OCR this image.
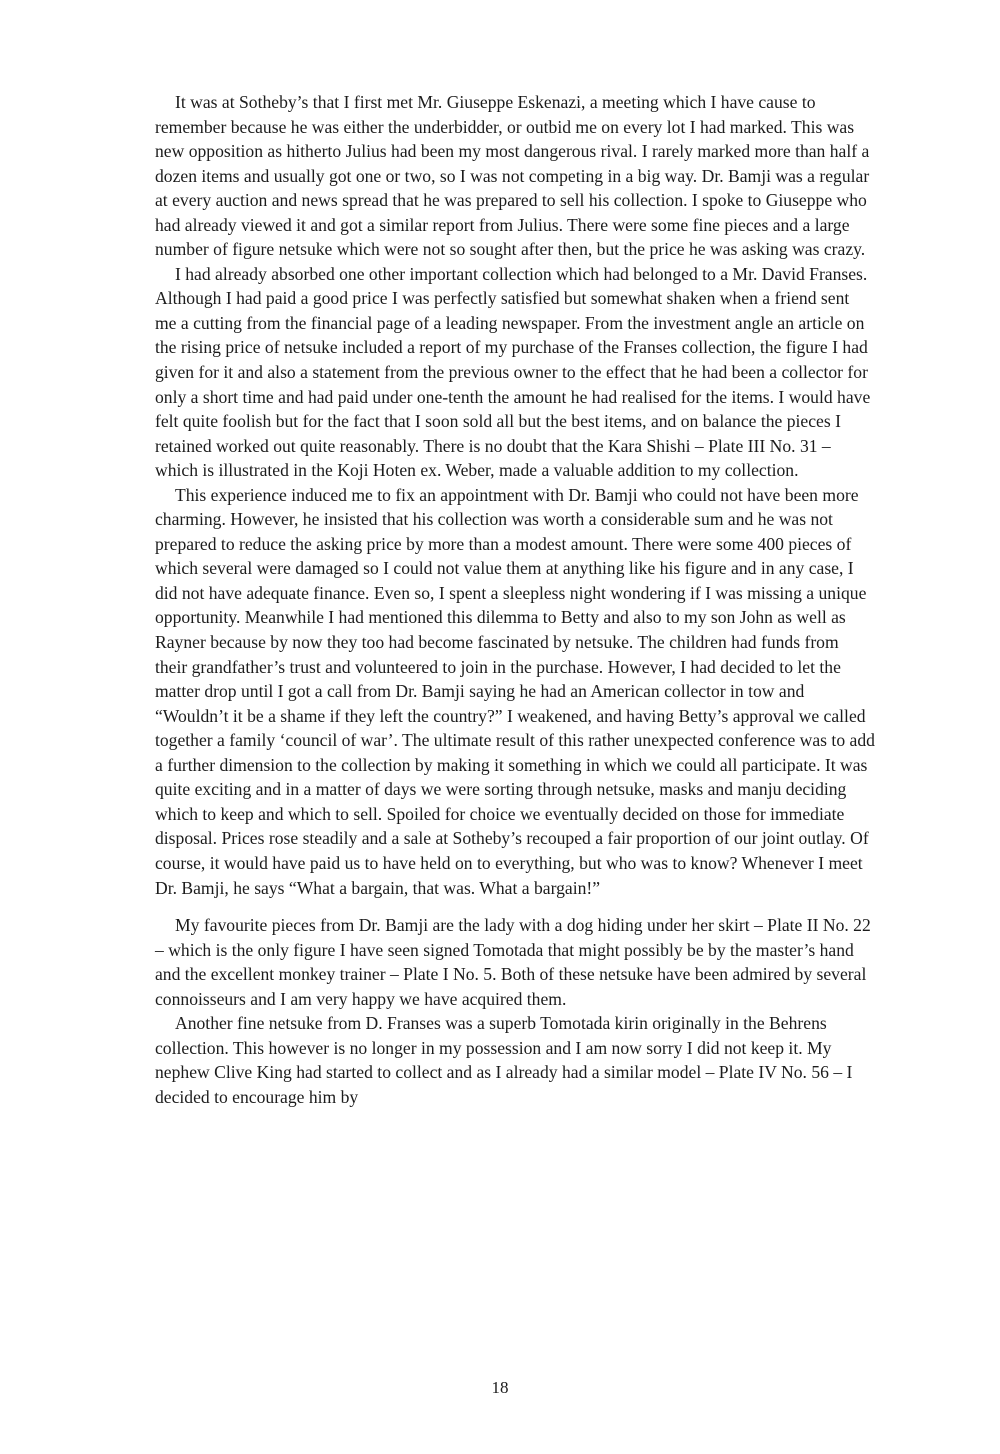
It was at Sotheby’s that I first met Mr. Giuseppe Eskenazi, a meeting which I have cause to remember because he was either the underbidder, or outbid me on every lot I had marked. This was new opposition as hitherto Julius had been my most dangerous rival. I rarely marked more than half a dozen items and usually got one or two, so I was not competing in a big way. Dr. Bamji was a regular at every auction and news spread that he was prepared to sell his collection. I spoke to Giuseppe who had already viewed it and got a similar report from Julius. There were some fine pieces and a large number of figure netsuke which were not so sought after then, but the price he was asking was crazy.

I had already absorbed one other important collection which had belonged to a Mr. David Franses. Although I had paid a good price I was perfectly satisfied but somewhat shaken when a friend sent me a cutting from the financial page of a leading newspaper. From the investment angle an article on the rising price of netsuke included a report of my purchase of the Franses collection, the figure I had given for it and also a statement from the previous owner to the effect that he had been a collector for only a short time and had paid under one-tenth the amount he had realised for the items. I would have felt quite foolish but for the fact that I soon sold all but the best items, and on balance the pieces I retained worked out quite reasonably. There is no doubt that the Kara Shishi – Plate III No. 31 – which is illustrated in the Koji Hoten ex. Weber, made a valuable addition to my collection.

This experience induced me to fix an appointment with Dr. Bamji who could not have been more charming. However, he insisted that his collection was worth a considerable sum and he was not prepared to reduce the asking price by more than a modest amount. There were some 400 pieces of which several were damaged so I could not value them at anything like his figure and in any case, I did not have adequate finance. Even so, I spent a sleepless night wondering if I was missing a unique opportunity. Meanwhile I had mentioned this dilemma to Betty and also to my son John as well as Rayner because by now they too had become fascinated by netsuke. The children had funds from their grandfather’s trust and volunteered to join in the purchase. However, I had decided to let the matter drop until I got a call from Dr. Bamji saying he had an American collector in tow and “Wouldn’t it be a shame if they left the country?” I weakened, and having Betty’s approval we called together a family ‘council of war’. The ultimate result of this rather unexpected conference was to add a further dimension to the collection by making it something in which we could all participate. It was quite exciting and in a matter of days we were sorting through netsuke, masks and manju deciding which to keep and which to sell. Spoiled for choice we eventually decided on those for immediate disposal. Prices rose steadily and a sale at Sotheby’s recouped a fair proportion of our joint outlay. Of course, it would have paid us to have held on to everything, but who was to know? Whenever I meet Dr. Bamji, he says “What a bargain, that was. What a bargain!”

My favourite pieces from Dr. Bamji are the lady with a dog hiding under her skirt – Plate II No. 22 – which is the only figure I have seen signed Tomotada that might possibly be by the master’s hand and the excellent monkey trainer – Plate I No. 5. Both of these netsuke have been admired by several connoisseurs and I am very happy we have acquired them.

Another fine netsuke from D. Franses was a superb Tomotada kirin originally in the Behrens collection. This however is no longer in my possession and I am now sorry I did not keep it. My nephew Clive King had started to collect and as I already had a similar model – Plate IV No. 56 – I decided to encourage him by

18
